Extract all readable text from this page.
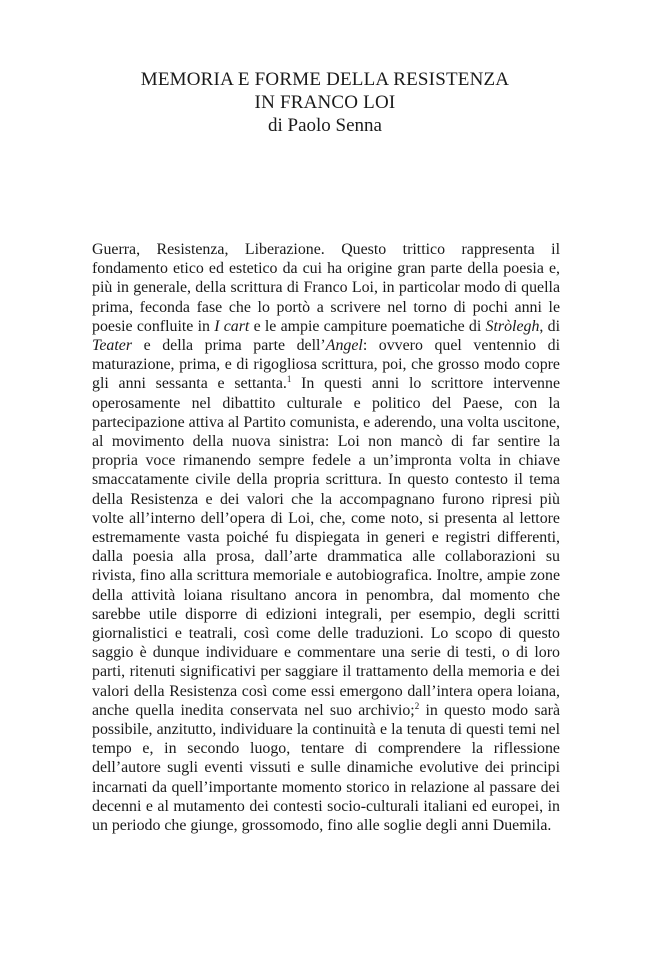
MEMORIA E FORME DELLA RESISTENZA
IN FRANCO LOI

di Paolo Senna

Guerra, Resistenza, Liberazione. Questo trittico rappresenta il fondamento etico ed estetico da cui ha origine gran parte della poesia e, più in generale, della scrittura di Franco Loi, in particolar modo di quella prima, feconda fase che lo portò a scrivere nel torno di pochi anni le poesie confluite in I cart e le ampie campiture poematiche di Stròlegh, di Teater e della prima parte dell’Angel: ovvero quel ventennio di maturazione, prima, e di rigogliosa scrittura, poi, che grosso modo copre gli anni sessanta e settanta.$^1$ In questi anni lo scrittore intervenne operosamente nel dibattito culturale e politico del Paese, con la partecipazione attiva al Partito comunista, e aderendo, una volta uscitone, al movimento della nuova sinistra: Loi non mancò di far sentire la propria voce rimanendo sempre fedele a un’impronta volta in chiave smaccatamente civile della propria scrittura. In questo contesto il tema della Resistenza e dei valori che la accompagnano furono ripresi più volte all’interno dell’opera di Loi, che, come noto, si presenta al lettore estremamente vasta poiché fu dispiegata in generi e registri differenti, dalla poesia alla prosa, dall’arte drammatica alle collaborazioni su rivista, fino alla scrittura memoriale e autobiografica. Inoltre, ampie zone della attività loiana risultano ancora in penombra, dal momento che sarebbe utile disporre di edizioni integrali, per esempio, degli scritti giornalistici e teatrali, così come delle traduzioni. Lo scopo di questo saggio è dunque individuare e commentare una serie di testi, o di loro parti, ritenuti significativi per saggiare il trattamento della memoria e dei valori della Resistenza così come essi emergono dall’intera opera loiana, anche quella inedita conservata nel suo archivio;$^2$ in questo modo sarà possibile, anzitutto, individuare la continuità e la tenuta di questi temi nel tempo e, in secondo luogo, tentare di comprendere la riflessione dell’autore sugli eventi vissuti e sulle dinamiche evolutive dei principi incarnati da quell’importante momento storico in relazione al passare dei decenni e al mutamento dei contesti socio-culturali italiani ed europei, in un periodo che giunge, grossomodo, fino alle soglie degli anni Duemila.
